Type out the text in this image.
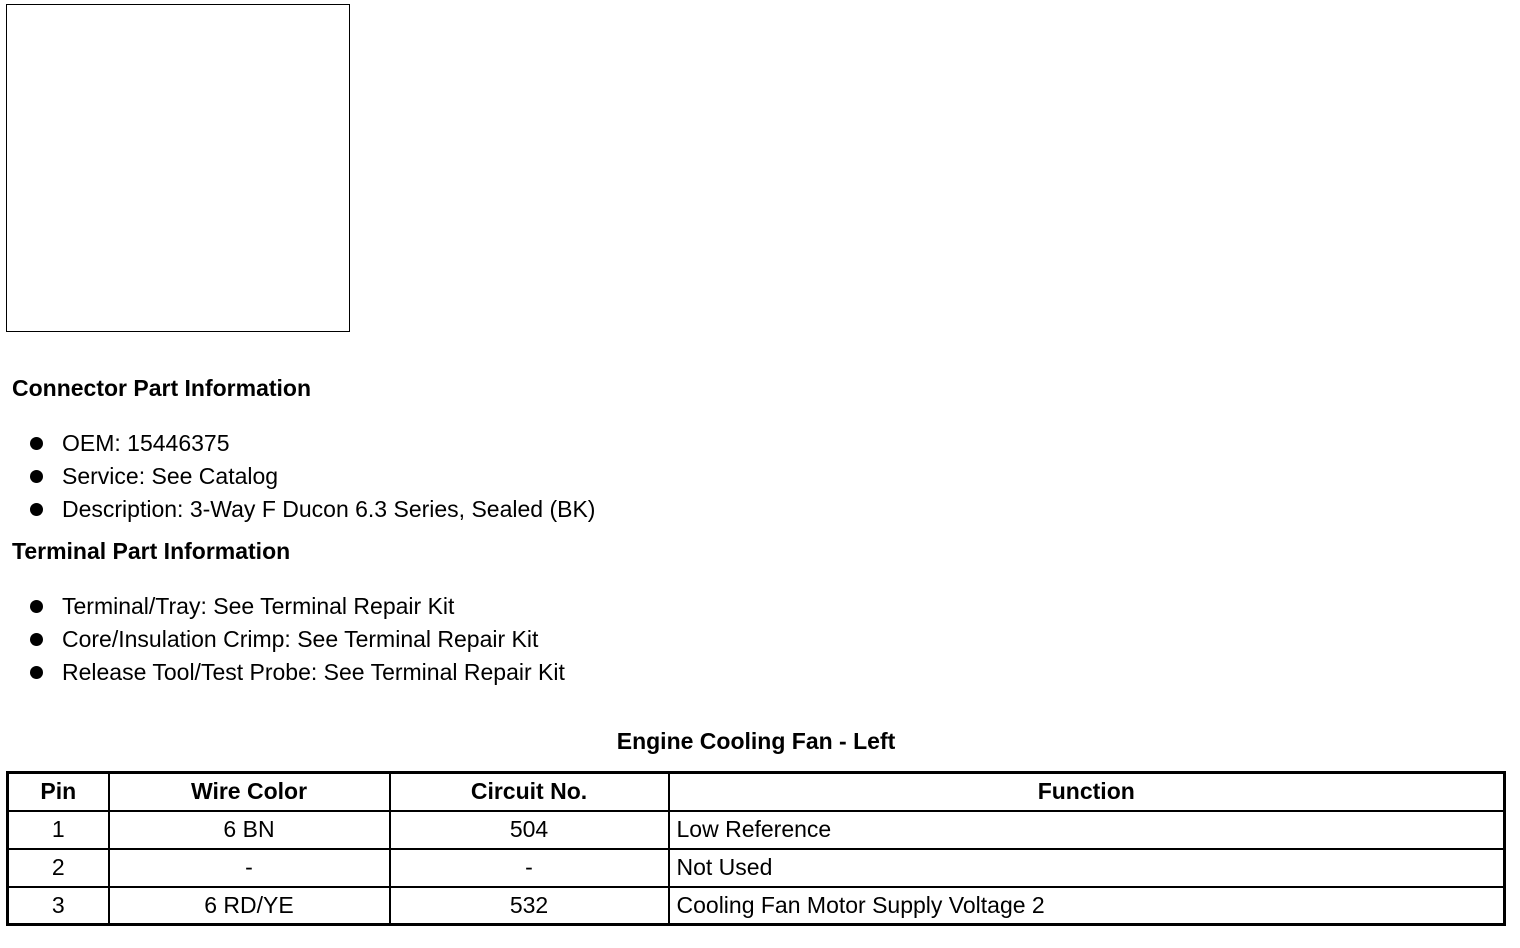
Connector Part Information
OEM: 15446375
Service: See Catalog
Description: 3-Way F Ducon 6.3 Series, Sealed (BK)
Terminal Part Information
Terminal/Tray: See Terminal Repair Kit
Core/Insulation Crimp: See Terminal Repair Kit
Release Tool/Test Probe: See Terminal Repair Kit
Engine Cooling Fan - Left
Pin	Wire Color	Circuit No.	Function
1	6 BN	504	Low Reference
2	-	-	Not Used
3	6 RD/YE	532	Cooling Fan Motor Supply Voltage 2
